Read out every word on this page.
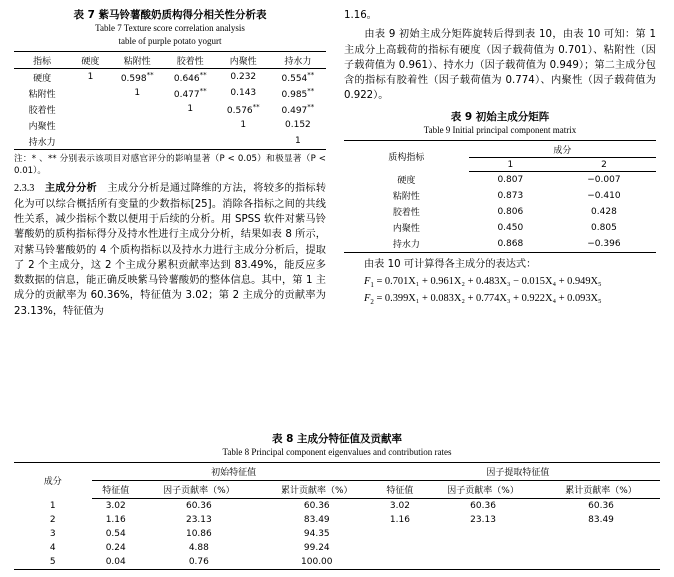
表 7 紫马铃薯酸奶质构得分相关性分析表
Table 7 Texture score correlation analysis
table of purple potato yogurt
指标	硬度	粘附性	胶着性	内聚性	持水力
硬度	1	0.598**	0.646**	0.232	0.554**
粘附性		1	0.477**	0.143	0.985**
胶着性			1	0.576**	0.497**
内聚性				1	0.152
持水力					1
注：* 、** 分别表示该项目对感官评分的影响显著（P < 0.05）和极显著（P < 0.01）。
2.3.3 主成分分析 主成分分析是通过降维的方法，将较多的指标转化为可以综合概括所有变量的少数指标[25]。消除各指标之间的共线性关系，减少指标个数以便用于后续的分析。用 SPSS 软件对紫马铃薯酸奶的质构指标得分及持水性进行主成分分析，结果如表 8 所示，对紫马铃薯酸奶的 4 个质构指标以及持水力进行主成分分析后，提取了 2 个主成分，这 2 个主成分累积贡献率达到 83.49%，能反应多数数据的信息，能正确反映紫马铃薯酸奶的整体信息。其中，第 1 主成分的贡献率为 60.36%，特征值为 3.02；第 2 主成分的贡献率为 23.13%，特征值为
1.16。
由表 9 初始主成分矩阵旋转后得到表 10，由表 10 可知：第 1 主成分上高载荷的指标有硬度（因子载荷值为 0.701）、粘附性（因子载荷值为 0.961）、持水力（因子载荷值为 0.949）；第二主成分包含的指标有胶着性（因子载荷值为 0.774）、内聚性（因子载荷值为 0.922）。
表 9 初始主成分矩阵
Table 9 Initial principal component matrix
质构指标	成分	
	1	2
硬度	0.807	−0.007
粘附性	0.873	−0.410
胶着性	0.806	0.428
内聚性	0.450	0.805
持水力	0.868	−0.396
由表 10 可计算得各主成分的表达式：
$F_1 = 0.701X_1 + 0.961X_2 + 0.483X_3 - 0.015X_4 + 0.949X_5$
$F_2 = 0.399X_1 + 0.083X_2 + 0.774X_3 + 0.922X_4 + 0.093X_5$
表 8 主成分特征值及贡献率
Table 8 Principal component eigenvalues and contribution rates
成分	初始特征值			因子提取特征值		
	特征值	因子贡献率（%）	累计贡献率（%）	特征值	因子贡献率（%）	累计贡献率（%）
1	3.02	60.36	60.36	3.02	60.36	60.36
2	1.16	23.13	83.49	1.16	23.13	83.49
3	0.54	10.86	94.35			
4	0.24	4.88	99.24			
5	0.04	0.76	100.00			
